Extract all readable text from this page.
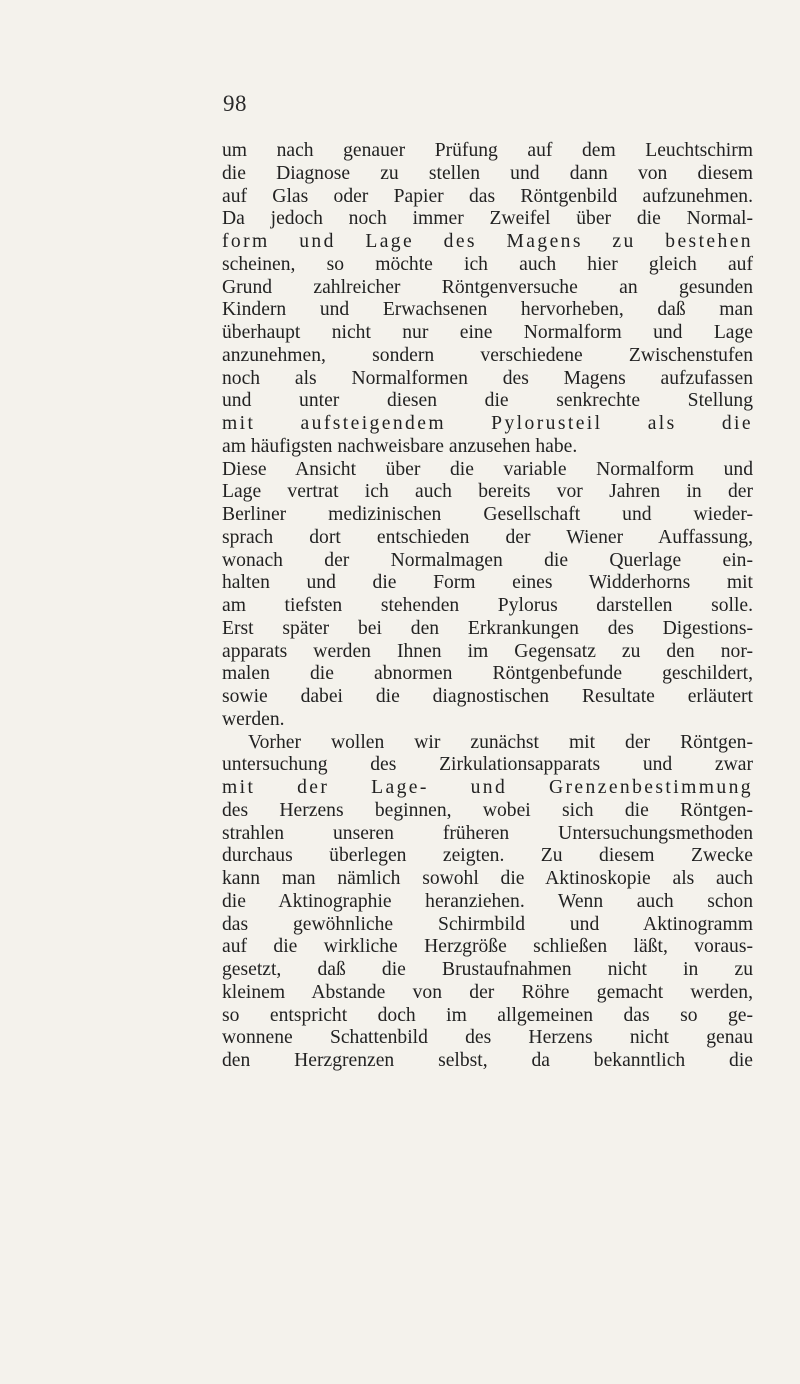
98
um nach genauer Prüfung auf dem Leuchtschirm
die Diagnose zu stellen und dann von diesem
auf Glas oder Papier das Röntgenbild aufzunehmen.
Da jedoch noch immer Zweifel über die Normal-
form und Lage des Magens zu bestehen
scheinen, so möchte ich auch hier gleich auf
Grund zahlreicher Röntgenversuche an gesunden
Kindern und Erwachsenen hervorheben, daß man
überhaupt nicht nur eine Normalform und Lage
anzunehmen, sondern verschiedene Zwischenstufen
noch als Normalformen des Magens aufzufassen
und unter diesen die senkrechte Stellung
mit aufsteigendem Pylorusteil als die
am häufigsten nachweisbare anzusehen habe.
Diese Ansicht über die variable Normalform und
Lage vertrat ich auch bereits vor Jahren in der
Berliner medizinischen Gesellschaft und wieder-
sprach dort entschieden der Wiener Auffassung,
wonach der Normalmagen die Querlage ein-
halten und die Form eines Widderhorns mit
am tiefsten stehenden Pylorus darstellen solle.
Erst später bei den Erkrankungen des Digestions-
apparats werden Ihnen im Gegensatz zu den nor-
malen die abnormen Röntgenbefunde geschildert,
sowie dabei die diagnostischen Resultate erläutert
werden.
Vorher wollen wir zunächst mit der Röntgen-
untersuchung des Zirkulationsapparats und zwar
mit der Lage- und Grenzenbestimmung
des Herzens beginnen, wobei sich die Röntgen-
strahlen unseren früheren Untersuchungsmethoden
durchaus überlegen zeigten. Zu diesem Zwecke
kann man nämlich sowohl die Aktinoskopie als auch
die Aktinographie heranziehen. Wenn auch schon
das gewöhnliche Schirmbild und Aktinogramm
auf die wirkliche Herzgröße schließen läßt, voraus-
gesetzt, daß die Brustaufnahmen nicht in zu
kleinem Abstande von der Röhre gemacht werden,
so entspricht doch im allgemeinen das so ge-
wonnene Schattenbild des Herzens nicht genau
den Herzgrenzen selbst, da bekanntlich die
